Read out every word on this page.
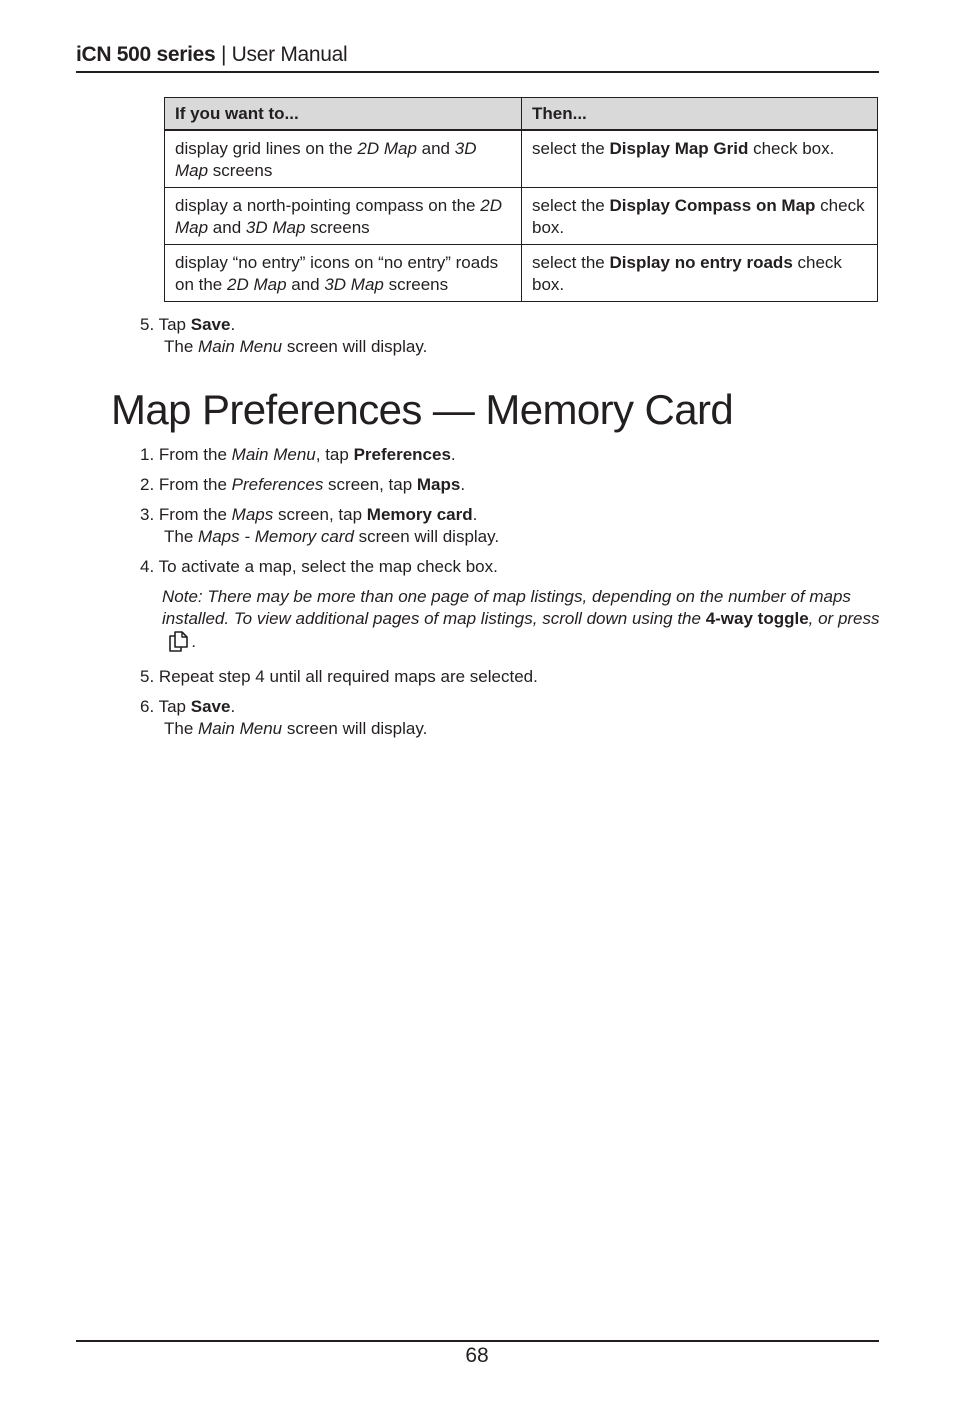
iCN 500 series | User Manual
If you want to...	Then...
display grid lines on the 2D Map and 3D Map screens	select the Display Map Grid check box.
display a north-pointing compass on the 2D Map and 3D Map screens	select the Display Compass on Map check box.
display “no entry” icons on “no entry” roads on the 2D Map and 3D Map screens	select the Display no entry roads check box.
5. Tap Save.
The Main Menu screen will display.
Map Preferences — Memory Card
1. From the Main Menu, tap Preferences.
2. From the Preferences screen, tap Maps.
3. From the Maps screen, tap Memory card.
The Maps - Memory card screen will display.
4. To activate a map, select the map check box.
Note: There may be more than one page of map listings, depending on the number of maps installed. To view additional pages of map listings, scroll down using the 4-way toggle, or press.
5. Repeat step 4 until all required maps are selected.
6. Tap Save.
The Main Menu screen will display.
68
